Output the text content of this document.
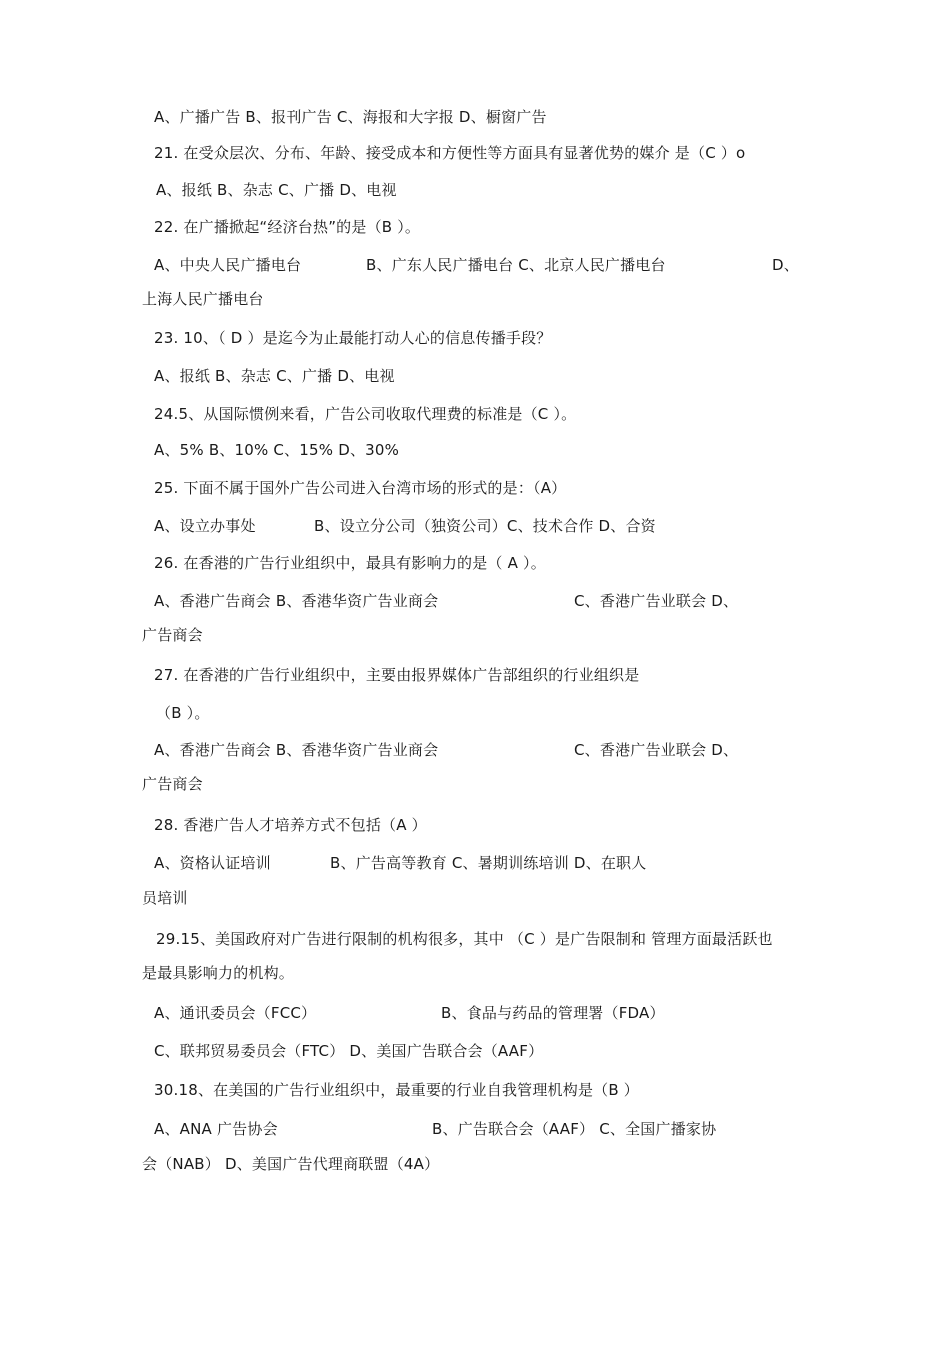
A、广播广告 B、报刊广告 C、海报和大字报 D、橱窗广告
21. 在受众层次、分布、年龄、接受成本和方便性等方面具有显著优势的媒介 是（C ）o
A、报纸 B、杂志 C、广播 D、电视
22. 在广播掀起“经济台热”的是（B ）。
A、中央人民广播电台	B、广东人民广播电台 C、北京人民广播电台	D、
上海人民广播电台
23. 10、（ D ）是迄今为止最能打动人心的信息传播手段？
A、报纸 B、杂志 C、广播 D、电视
24.5、从国际惯例来看，广告公司收取代理费的标准是（C ）。
A、5% B、10% C、15% D、30%
25. 下面不属于国外广告公司进入台湾市场的形式的是：（A）
A、设立办事处	B、设立分公司（独资公司）C、技术合作 D、合资
26. 在香港的广告行业组织中，最具有影响力的是（ A ）。
A、香港广告商会 B、香港华资广告业商会	C、香港广告业联会 D、
广告商会
27. 在香港的广告行业组织中，主要由报界媒体广告部组织的行业组织是
（B ）。
A、香港广告商会 B、香港华资广告业商会	C、香港广告业联会 D、
广告商会
28. 香港广告人才培养方式不包括（A ）
A、资格认证培训	B、广告高等教育 C、暑期训练培训 D、在职人
员培训
29.15、美国政府对广告进行限制的机构很多，其中 （C ）是广告限制和 管理方面最活跃也
是最具影响力的机构。
A、通讯委员会（FCC）	B、食品与药品的管理署（FDA）
C、联邦贸易委员会（FTC） D、美国广告联合会（AAF）
30.18、在美国的广告行业组织中，最重要的行业自我管理机构是（B ）
A、ANA 广告协会	B、广告联合会（AAF） C、全国广播家协
会（NAB） D、美国广告代理商联盟（4A）
